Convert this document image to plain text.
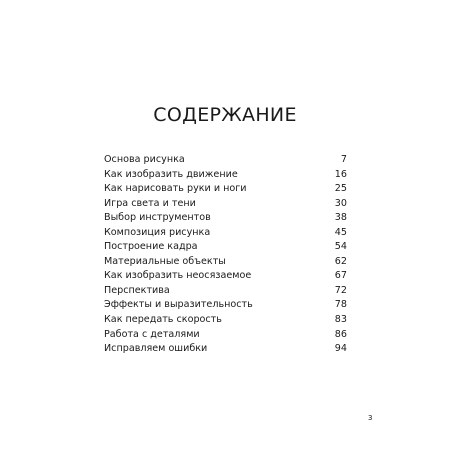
СОДЕРЖАНИЕ
Основа рисунка	7
Как изобразить движение	16
Как нарисовать руки и ноги	25
Игра света и тени	30
Выбор инструментов	38
Композиция рисунка	45
Построение кадра	54
Материальные объекты	62
Как изобразить неосязаемое	67
Перспектива	72
Эффекты и выразительность	78
Как передать скорость	83
Работа с деталями	86
Исправляем ошибки	94
3
